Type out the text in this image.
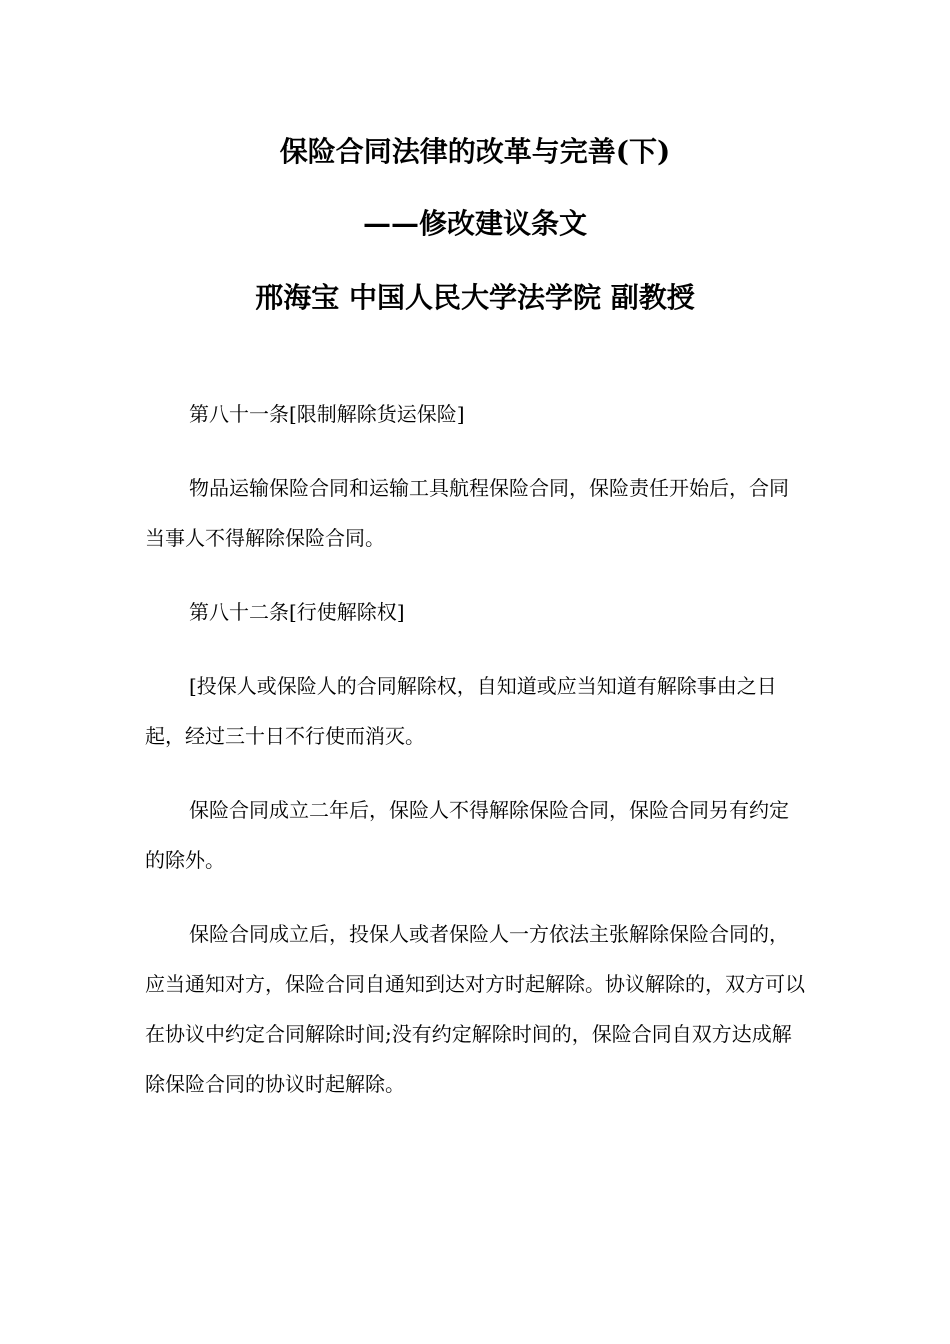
保险合同法律的改革与完善(下)
——修改建议条文
邢海宝 中国人民大学法学院 副教授

第八十一条[限制解除货运保险]

物品运输保险合同和运输工具航程保险合同，保险责任开始后，合同当事人不得解除保险合同。

第八十二条[行使解除权]

[投保人或保险人的合同解除权，自知道或应当知道有解除事由之日起，经过三十日不行使而消灭。

保险合同成立二年后，保险人不得解除保险合同，保险合同另有约定的除外。

保险合同成立后，投保人或者保险人一方依法主张解除保险合同的，应当通知对方，保险合同自通知到达对方时起解除。协议解除的，双方可以在协议中约定合同解除时间;没有约定解除时间的，保险合同自双方达成解除保险合同的协议时起解除。
